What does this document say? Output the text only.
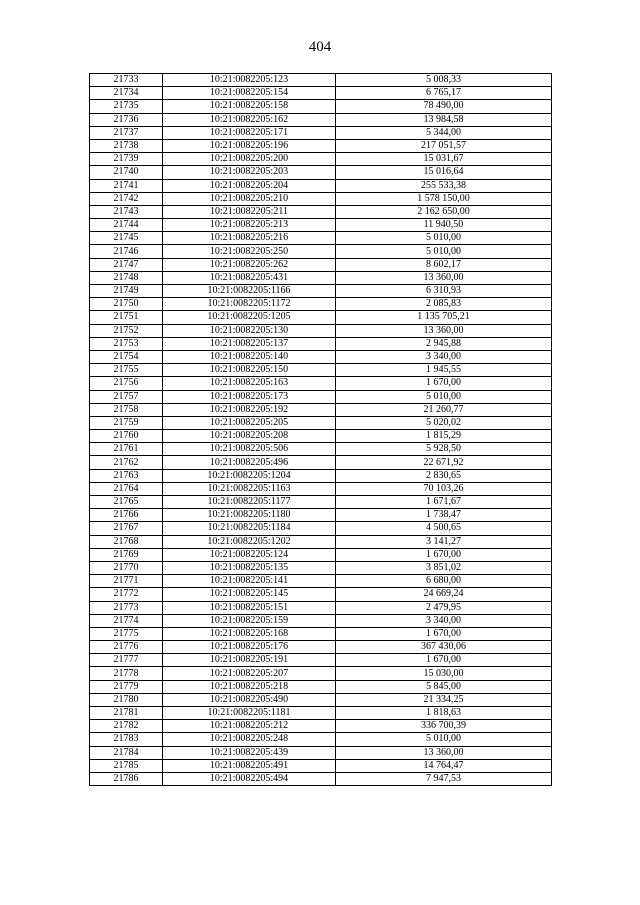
404
21733	10:21:0082205:123	5 008,33
21734	10:21:0082205:154	6 765,17
21735	10:21:0082205:158	78 490,00
21736	10:21:0082205:162	13 984,58
21737	10:21:0082205:171	5 344,00
21738	10:21:0082205:196	217 051,57
21739	10:21:0082205:200	15 031,67
21740	10:21:0082205:203	15 016,64
21741	10:21:0082205:204	255 533,38
21742	10:21:0082205:210	1 578 150,00
21743	10:21:0082205:211	2 162 650,00
21744	10:21:0082205:213	11 940,50
21745	10:21:0082205:216	5 010,00
21746	10:21:0082205:250	5 010,00
21747	10:21:0082205:262	8 602,17
21748	10:21:0082205:431	13 360,00
21749	10:21:0082205:1166	6 310,93
21750	10:21:0082205:1172	2 085,83
21751	10:21:0082205:1205	1 135 705,21
21752	10:21:0082205:130	13 360,00
21753	10:21:0082205:137	2 945,88
21754	10:21:0082205:140	3 340,00
21755	10:21:0082205:150	1 945,55
21756	10:21:0082205:163	1 670,00
21757	10:21:0082205:173	5 010,00
21758	10:21:0082205:192	21 260,77
21759	10:21:0082205:205	5 020,02
21760	10:21:0082205:208	1 815,29
21761	10:21:0082205:506	5 928,50
21762	10:21:0082205:496	22 671,92
21763	10:21:0082205:1204	2 830,65
21764	10:21:0082205:1163	70 103,26
21765	10:21:0082205:1177	1 671,67
21766	10:21:0082205:1180	1 738,47
21767	10:21:0082205:1184	4 500,65
21768	10:21:0082205:1202	3 141,27
21769	10:21:0082205:124	1 670,00
21770	10:21:0082205:135	3 851,02
21771	10:21:0082205:141	6 680,00
21772	10:21:0082205:145	24 669,24
21773	10:21:0082205:151	2 479,95
21774	10:21:0082205:159	3 340,00
21775	10:21:0082205:168	1 670,00
21776	10:21:0082205:176	367 430,06
21777	10:21:0082205:191	1 670,00
21778	10:21:0082205:207	15 030,00
21779	10:21:0082205:218	5 845,00
21780	10:21:0082205:490	21 334,25
21781	10:21:0082205:1181	1 818,63
21782	10:21:0082205:212	336 700,39
21783	10:21:0082205:248	5 010,00
21784	10:21:0082205:439	13 360,00
21785	10:21:0082205:491	14 764,47
21786	10:21:0082205:494	7 947,53
